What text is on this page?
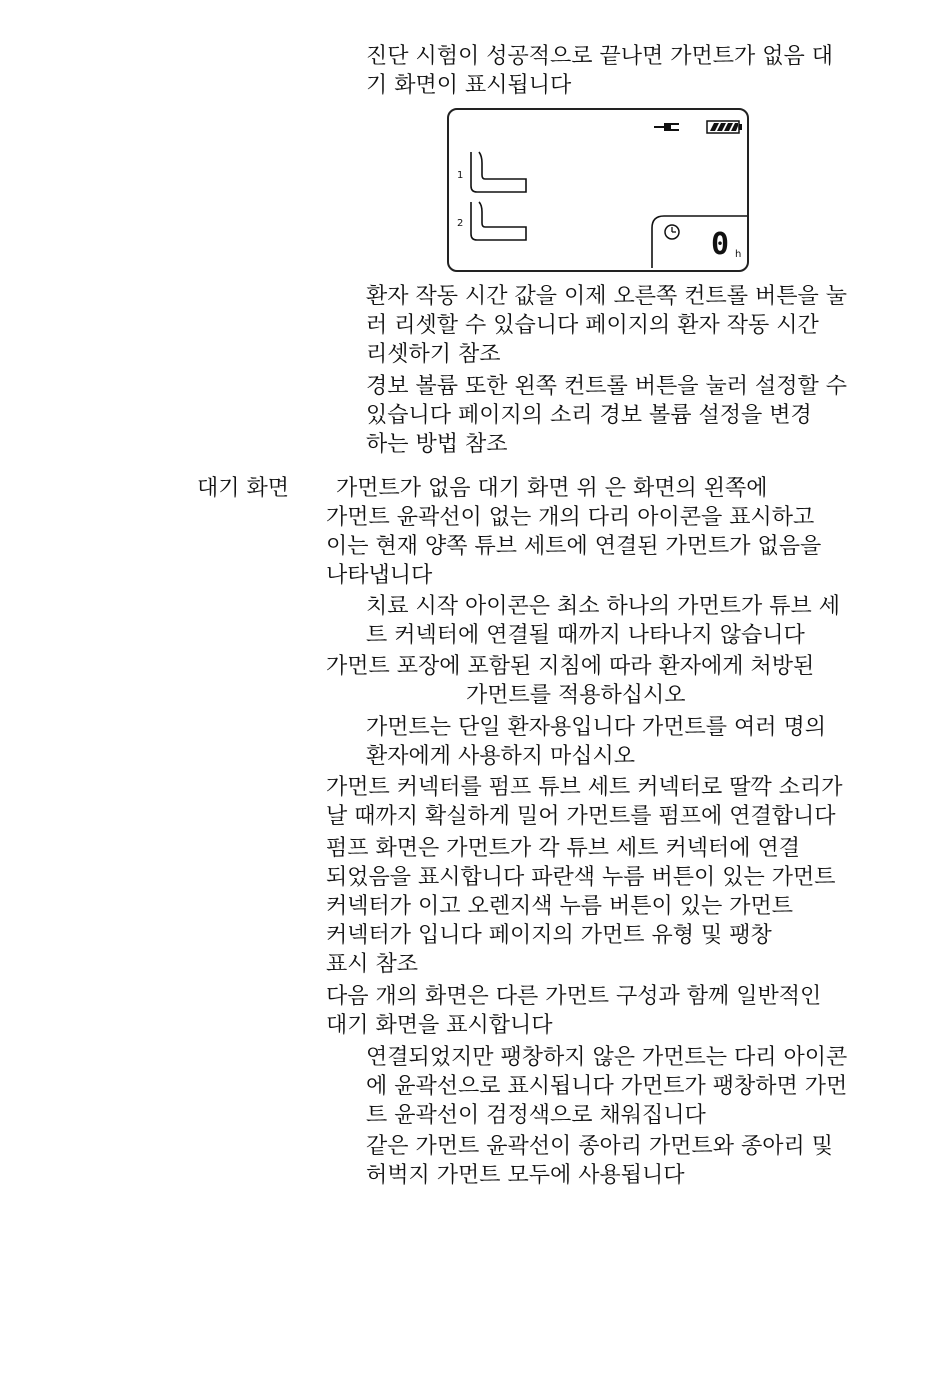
진단 시험이 성공적으로 끝나면 가먼트가 없음 대
기 화면이 표시됩니다
1
2
0 h
환자 작동 시간 값을 이제 오른쪽 컨트롤 버튼을 눌
러 리셋할 수 있습니다 페이지의 환자 작동 시간
리셋하기 참조
경보 볼륨 또한 왼쪽 컨트롤 버튼을 눌러 설정할 수
있습니다 페이지의 소리 경보 볼륨 설정을 변경
하는 방법 참조
대기 화면	가먼트가 없음 대기 화면 위 은 화면의 왼쪽에
가먼트 윤곽선이 없는 개의 다리 아이콘을 표시하고
이는 현재 양쪽 튜브 세트에 연결된 가먼트가 없음을
나타냅니다
치료 시작 아이콘은 최소 하나의 가먼트가 튜브 세
트 커넥터에 연결될 때까지 나타나지 않습니다
가먼트 포장에 포함된 지침에 따라 환자에게 처방된
가먼트를 적용하십시오
가먼트는 단일 환자용입니다 가먼트를 여러 명의
환자에게 사용하지 마십시오
가먼트 커넥터를 펌프 튜브 세트 커넥터로 딸깍 소리가
날 때까지 확실하게 밀어 가먼트를 펌프에 연결합니다
펌프 화면은 가먼트가 각 튜브 세트 커넥터에 연결
되었음을 표시합니다 파란색 누름 버튼이 있는 가먼트
커넥터가 이고 오렌지색 누름 버튼이 있는 가먼트
커넥터가 입니다 페이지의 가먼트 유형 및 팽창
표시 참조
다음 개의 화면은 다른 가먼트 구성과 함께 일반적인
대기 화면을 표시합니다
연결되었지만 팽창하지 않은 가먼트는 다리 아이콘
에 윤곽선으로 표시됩니다 가먼트가 팽창하면 가먼
트 윤곽선이 검정색으로 채워집니다
같은 가먼트 윤곽선이 종아리 가먼트와 종아리 및
허벅지 가먼트 모두에 사용됩니다
